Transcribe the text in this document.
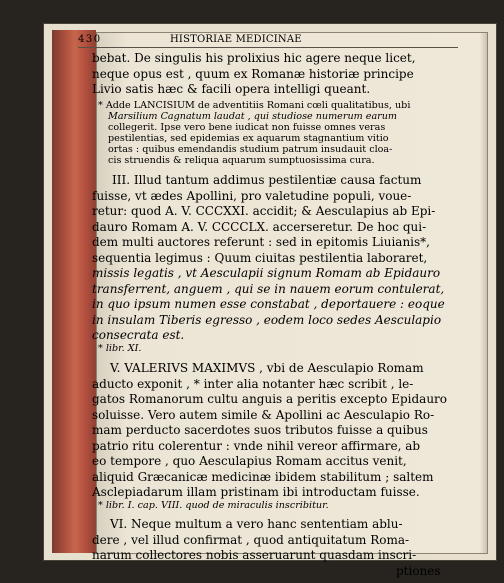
430	HISTORIAE MEDICINAE
bebat. De singulis his prolixius hic agere neque licet,
neque opus est , quum ex Romanæ historiæ principe
Livio satis hæc & facili opera intelligi queant.
* Adde LANCISIUM de adventitiis Romani cœli qualitatibus, ubi
Marsilium Cagnatum laudat , qui studiose numerum earum
collegerit. Ipse vero bene iudicat non fuisse omnes veras
pestilentias, sed epidemias ex aquarum stagnantium vitio
ortas : quibus emendandis studium patrum insudauit cloa-
cis struendis & reliqua aquarum sumptuosissima cura.
III. Illud tantum addimus pestilentiæ causa factum
fuisse, vt ædes Apollini, pro valetudine populi, voue-
retur: quod A. V. CCCXXI. accidit; & Aesculapius ab Epi-
dauro Romam A. V. CCCCLX. accerseretur. De hoc qui-
dem multi auctores referunt : sed in epitomis Liuianis*,
sequentia legimus : Quum ciuitas pestilentia laboraret,
missis legatis , vt Aesculapii signum Romam ab Epidauro
transferrent, anguem , qui se in nauem eorum contulerat,
in quo ipsum numen esse constabat , deportauere : eoque
in insulam Tiberis egresso , eodem loco sedes Aesculapio
consecrata est.
* libr. XI.
V. VALERIVS MAXIMVS , vbi de Aesculapio Romam
aducto exponit , * inter alia notanter hæc scribit , le-
gatos Romanorum cultu anguis a peritis excepto Epidauro
soluisse. Vero autem simile & Apollini ac Aesculapio Ro-
mam perducto sacerdotes suos tributos fuisse a quibus
patrio ritu colerentur : vnde nihil vereor affirmare, ab
eo tempore , quo Aesculapius Romam accitus venit,
aliquid Græcanicæ medicinæ ibidem stabilitum ; saltem
Asclepiadarum illam pristinam ibi introductam fuisse.
* libr. I. cap. VIII. quod de miraculis inscribitur.
VI. Neque multum a vero hanc sententiam ablu-
dere , vel illud confirmat , quod antiquitatum Roma-
narum collectores nobis asseruarunt quasdam inscri-
ptiones
